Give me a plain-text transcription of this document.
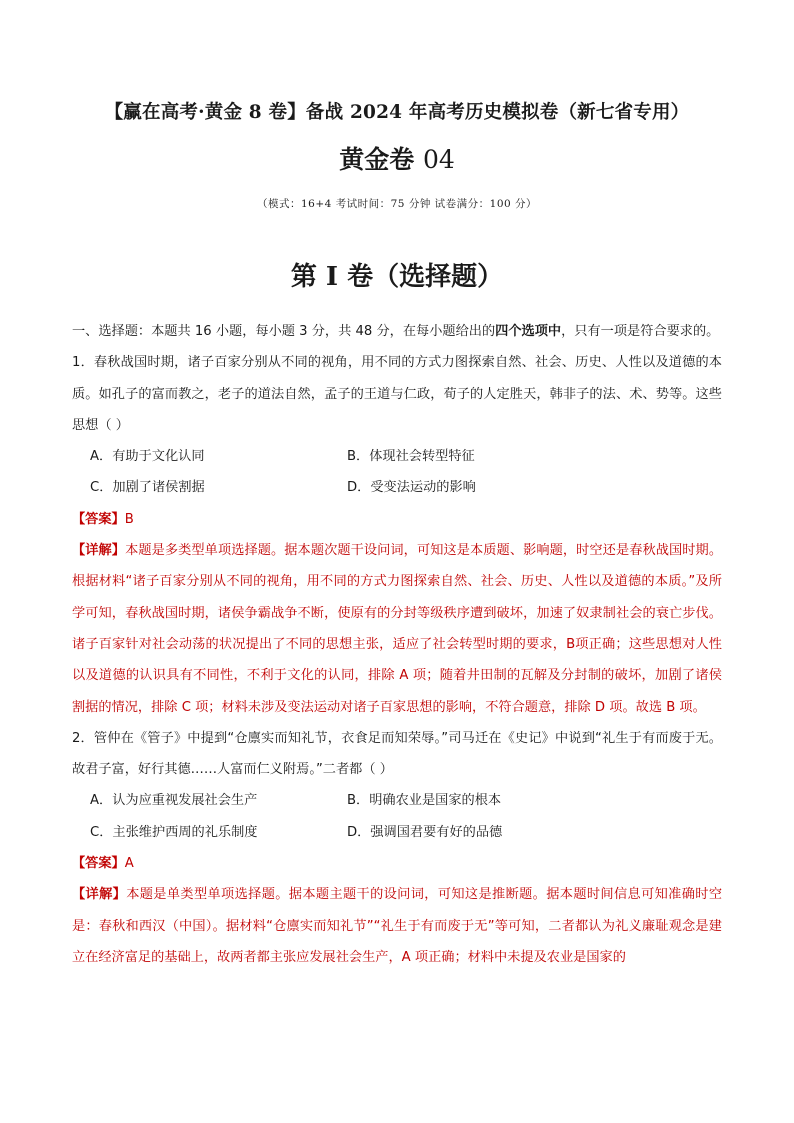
【赢在高考·黄金 8 卷】备战 2024 年高考历史模拟卷（新七省专用）
黄金卷 04
（模式：16+4 考试时间：75 分钟 试卷满分：100 分）
第 I 卷（选择题）

一、选择题：本题共 16 小题，每小题 3 分，共 48 分，在每小题给出的四个选项中，只有一项是符合要求的。

1．春秋战国时期，诸子百家分别从不同的视角，用不同的方式力图探索自然、社会、历史、人性以及道德的本质。如孔子的富而教之，老子的道法自然，孟子的王道与仁政，荀子的人定胜天，韩非子的法、术、势等。这些思想（ ）

A．有助于文化认同	B．体现社会转型特征
C．加剧了诸侯割据	D．受变法运动的影响

【答案】B

【详解】本题是多类型单项选择题。据本题次题干设问词，可知这是本质题、影响题，时空还是春秋战国时期。根据材料“诸子百家分别从不同的视角，用不同的方式力图探索自然、社会、历史、人性以及道德的本质。”及所学可知，春秋战国时期，诸侯争霸战争不断，使原有的分封等级秩序遭到破坏，加速了奴隶制社会的衰亡步伐。诸子百家针对社会动荡的状况提出了不同的思想主张，适应了社会转型时期的要求，B项正确；这些思想对人性以及道德的认识具有不同性，不利于文化的认同，排除 A 项；随着井田制的瓦解及分封制的破坏，加剧了诸侯割据的情况，排除 C 项；材料未涉及变法运动对诸子百家思想的影响，不符合题意，排除 D 项。故选 B 项。

2．管仲在《管子》中提到“仓廪实而知礼节，衣食足而知荣辱。”司马迁在《史记》中说到“礼生于有而废于无。故君子富，好行其德……人富而仁义附焉。”二者都（ ）

A．认为应重视发展社会生产	B．明确农业是国家的根本
C．主张维护西周的礼乐制度	D．强调国君要有好的品德

【答案】A

【详解】本题是单类型单项选择题。据本题主题干的设问词，可知这是推断题。据本题时间信息可知准确时空是：春秋和西汉（中国）。据材料“仓廪实而知礼节”“礼生于有而废于无”等可知，二者都认为礼义廉耻观念是建立在经济富足的基础上，故两者都主张应发展社会生产，A 项正确；材料中未提及农业是国家的
